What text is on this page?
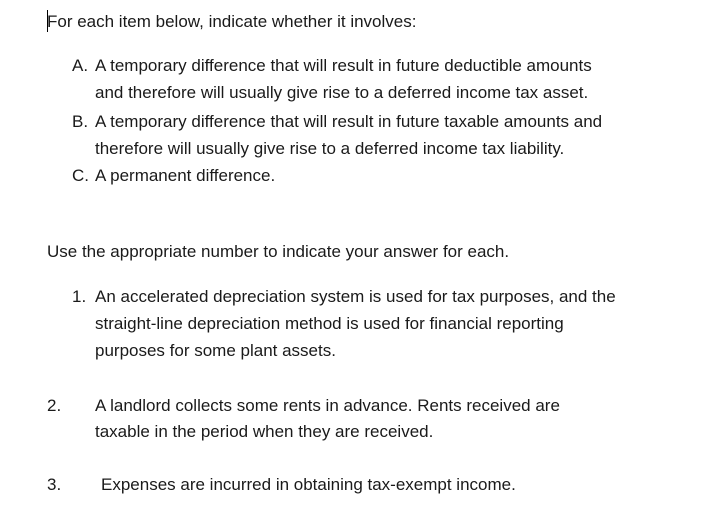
For each item below, indicate whether it involves:
A. A temporary difference that will result in future deductible amounts
and therefore will usually give rise to a deferred income tax asset.
B. A temporary difference that will result in future taxable amounts and
therefore will usually give rise to a deferred income tax liability.
C. A permanent difference.
Use the appropriate number to indicate your answer for each.
1. An accelerated depreciation system is used for tax purposes, and the
straight-line depreciation method is used for financial reporting
purposes for some plant assets.
2. A landlord collects some rents in advance. Rents received are
taxable in the period when they are received.
3. Expenses are incurred in obtaining tax-exempt income.
